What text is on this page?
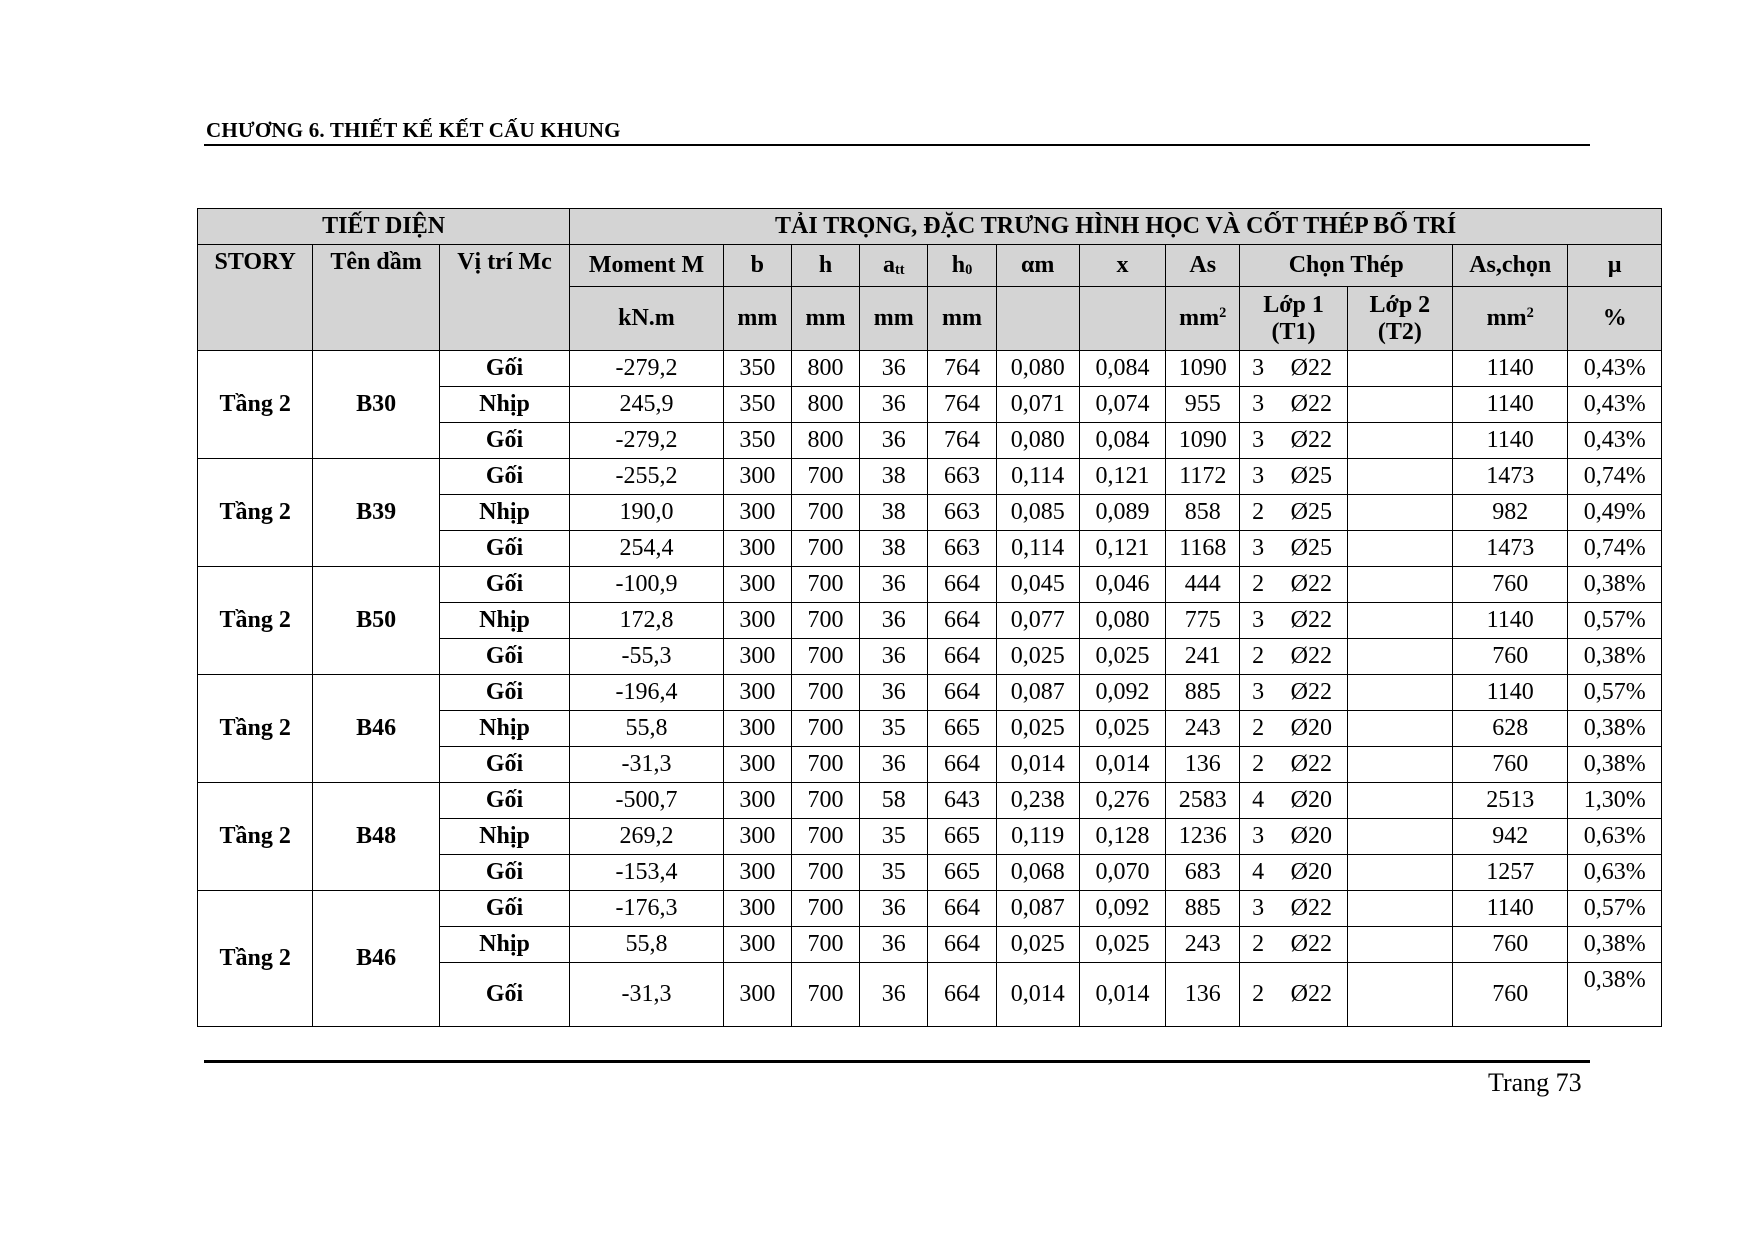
CHƯƠNG 6. THIẾT KẾ KẾT CẤU KHUNG
TIẾT DIỆN			TẢI TRỌNG, ĐẶC TRƯNG HÌNH HỌC VÀ CỐT THÉP BỐ TRÍ													
STORY	Tên dầm	Vị trí Mc	Moment M	b	h	$a_{tt}$	$h_0$	αm	x	As	Chọn Thép				As,chọn	µ
			kN.m	mm	mm	mm	mm			$mm^2$	Lớp 1 (T1)		Lớp 2 (T2)		$mm^2$	%
Tầng 2	B30	Gối	-279,2	350	800	36	764	0,080	0,084	1090	3	Ø22			1140	0,43%
		Nhịp	245,9	350	800	36	764	0,071	0,074	955	3	Ø22			1140	0,43%
		Gối	-279,2	350	800	36	764	0,080	0,084	1090	3	Ø22			1140	0,43%
Tầng 2	B39	Gối	-255,2	300	700	38	663	0,114	0,121	1172	3	Ø25			1473	0,74%
		Nhịp	190,0	300	700	38	663	0,085	0,089	858	2	Ø25			982	0,49%
		Gối	254,4	300	700	38	663	0,114	0,121	1168	3	Ø25			1473	0,74%
Tầng 2	B50	Gối	-100,9	300	700	36	664	0,045	0,046	444	2	Ø22			760	0,38%
		Nhịp	172,8	300	700	36	664	0,077	0,080	775	3	Ø22			1140	0,57%
		Gối	-55,3	300	700	36	664	0,025	0,025	241	2	Ø22			760	0,38%
Tầng 2	B46	Gối	-196,4	300	700	36	664	0,087	0,092	885	3	Ø22			1140	0,57%
		Nhịp	55,8	300	700	35	665	0,025	0,025	243	2	Ø20			628	0,38%
		Gối	-31,3	300	700	36	664	0,014	0,014	136	2	Ø22			760	0,38%
Tầng 2	B48	Gối	-500,7	300	700	58	643	0,238	0,276	2583	4	Ø20			2513	1,30%
		Nhịp	269,2	300	700	35	665	0,119	0,128	1236	3	Ø20			942	0,63%
		Gối	-153,4	300	700	35	665	0,068	0,070	683	4	Ø20			1257	0,63%
Tầng 2	B46	Gối	-176,3	300	700	36	664	0,087	0,092	885	3	Ø22			1140	0,57%
		Nhịp	55,8	300	700	36	664	0,025	0,025	243	2	Ø22			760	0,38%
		Gối	-31,3	300	700	36	664	0,014	0,014	136	2	Ø22			760	0,38%
Trang 73
